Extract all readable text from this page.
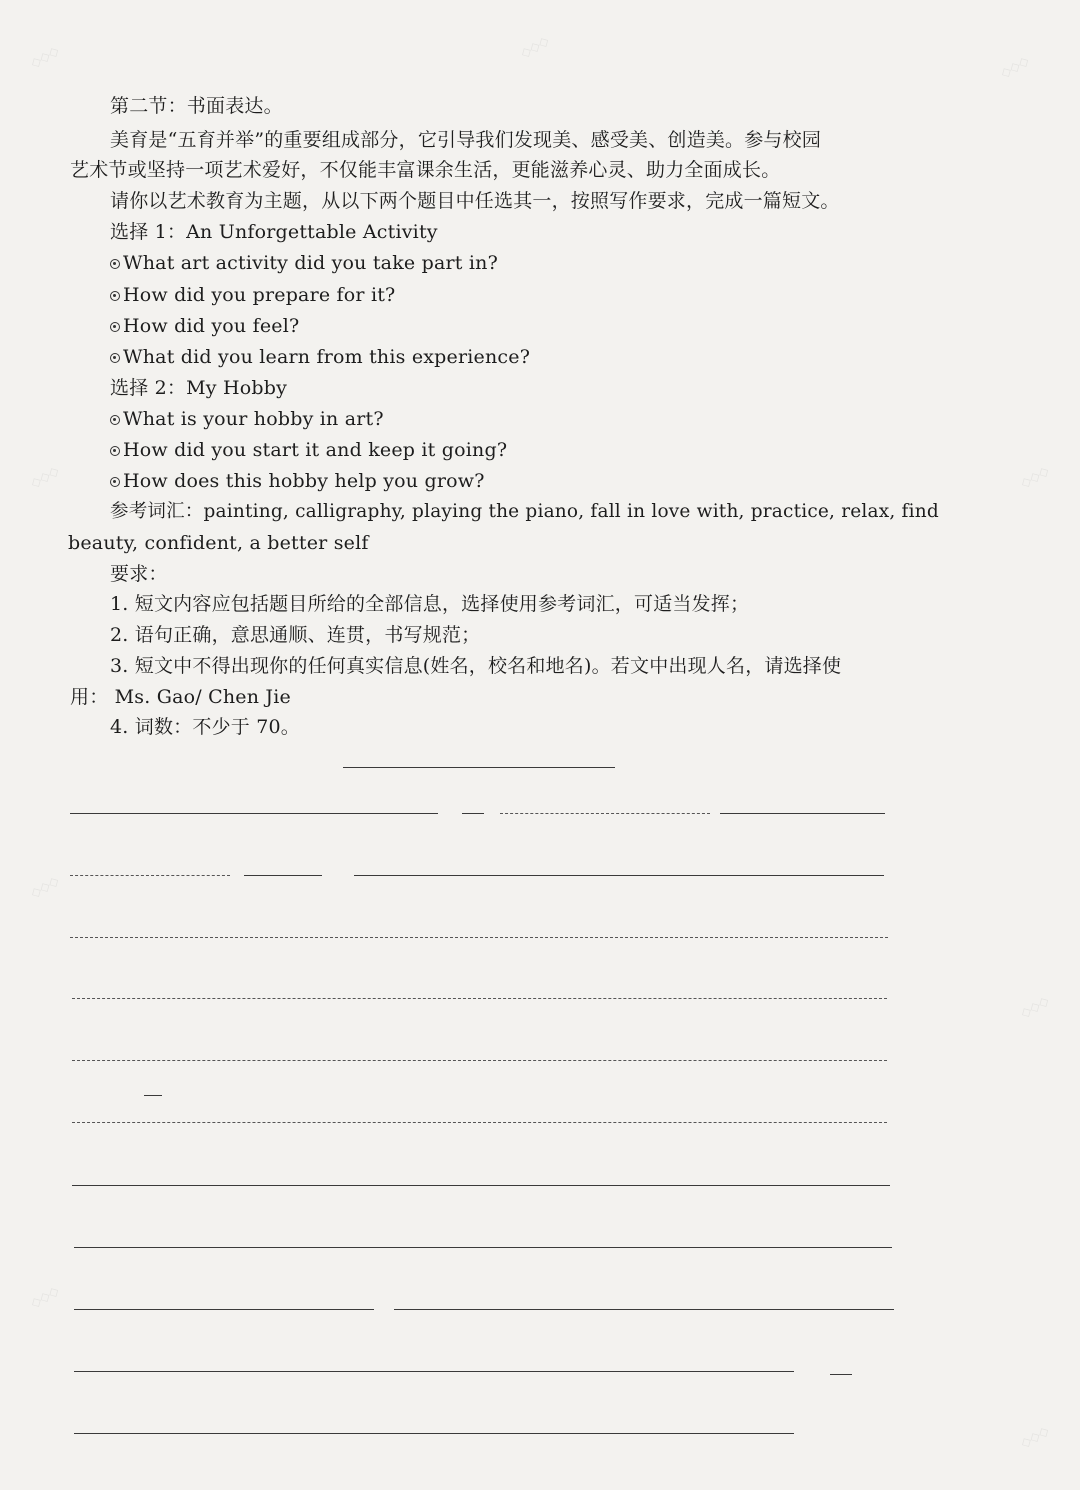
◇◇◇	◇◇◇
◇◇◇
◇◇◇	◇◇◇
◇◇◇
◇◇◇
◇◇◇
◇◇◇
第二节：书面表达。
美育是“五育并举”的重要组成部分，它引导我们发现美、感受美、创造美。参与校园
艺术节或坚持一项艺术爱好，不仅能丰富课余生活，更能滋养心灵、助力全面成长。
请你以艺术教育为主题，从以下两个题目中任选其一，按照写作要求，完成一篇短文。
选择 1：An Unforgettable Activity
What art activity did you take part in?
How did you prepare for it?
How did you feel?
What did you learn from this experience?
选择 2：My Hobby
What is your hobby in art?
How did you start it and keep it going?
How does this hobby help you grow?
参考词汇：painting, calligraphy, playing the piano, fall in love with, practice, relax, find
beauty, confident, a better self
要求：
1. 短文内容应包括题目所给的全部信息，选择使用参考词汇，可适当发挥；
2. 语句正确，意思通顺、连贯，书写规范；
3. 短文中不得出现你的任何真实信息(姓名，校名和地名)。若文中出现人名，请选择使
用： Ms. Gao/ Chen Jie
4. 词数：不少于 70。
